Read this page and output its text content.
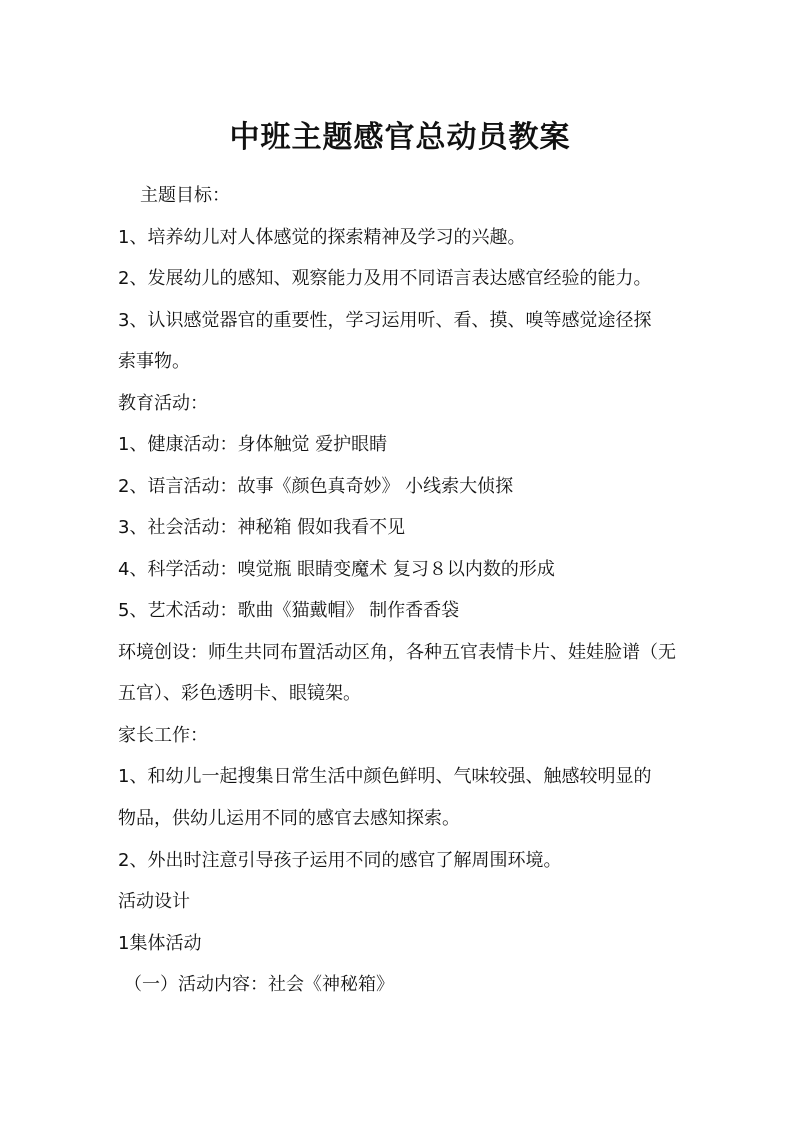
中班主题感官总动员教案

主题目标：

1、培养幼儿对人体感觉的探索精神及学习的兴趣。

2、发展幼儿的感知、观察能力及用不同语言表达感官经验的能力。

3、认识感觉器官的重要性，学习运用听、看、摸、嗅等感觉途径探

索事物。

教育活动：

1、健康活动：身体触觉 爱护眼睛

2、语言活动：故事《颜色真奇妙》 小线索大侦探

3、社会活动：神秘箱 假如我看不见

4、科学活动：嗅觉瓶 眼睛变魔术 复习８以内数的形成

5、艺术活动：歌曲《猫戴帽》 制作香香袋

环境创设：师生共同布置活动区角，各种五官表情卡片、娃娃脸谱（无

五官）、彩色透明卡、眼镜架。

家长工作：

1、和幼儿一起搜集日常生活中颜色鲜明、气味较强、触感较明显的

物品，供幼儿运用不同的感官去感知探索。

2、外出时注意引导孩子运用不同的感官了解周围环境。

活动设计

1集体活动

（一）活动内容：社会《神秘箱》
